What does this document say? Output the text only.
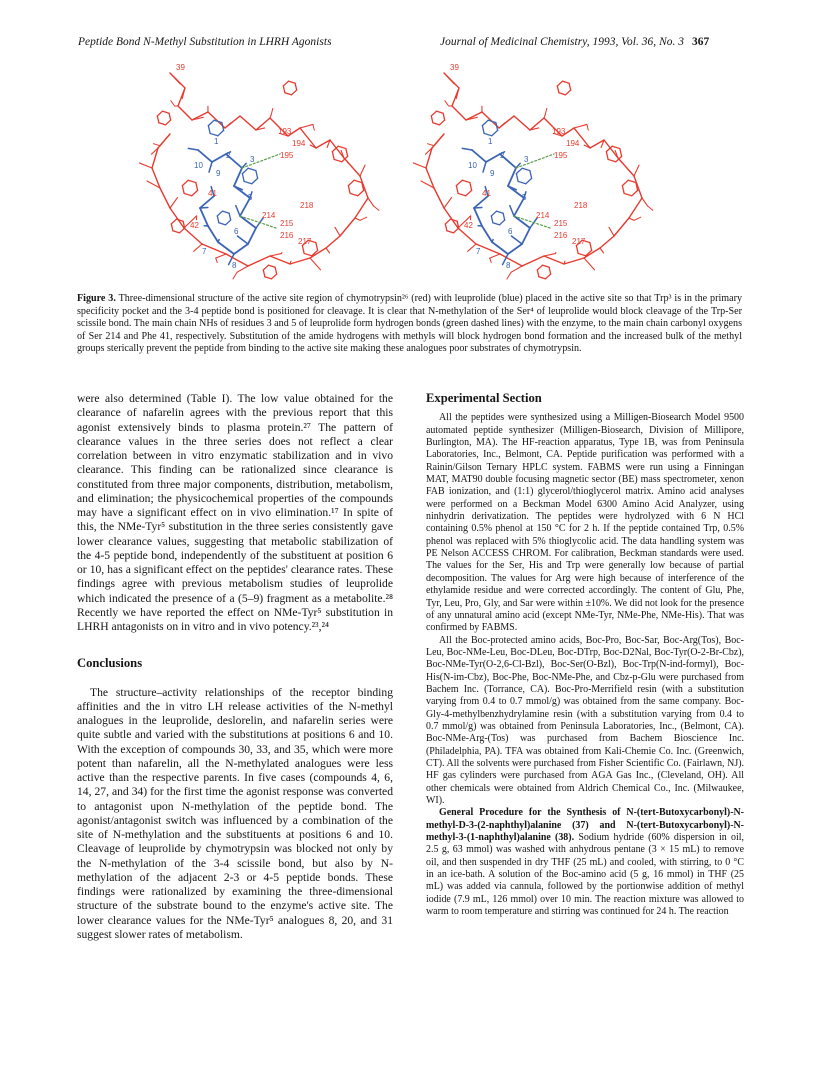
Peptide Bond N-Methyl Substitution in LHRH Agonists	Journal of Medicinal Chemistry, 1993, Vol. 36, No. 3 367
39
193
194
195
215
216
217
218
214
42
41
1
2 3
5
6
7
8
9
10
39
193
194
195
215
216
217
218
214
42
41
1
2 3
5
6
7
8
9
10
Figure 3. Three-dimensional structure of the active site region of chymotrypsin²⁶ (red) with leuprolide (blue) placed in the active site so that Trp³ is in the primary specificity pocket and the 3-4 peptide bond is positioned for cleavage. It is clear that N-methylation of the Ser⁴ of leuprolide would block cleavage of the Trp-Ser scissile bond. The main chain NHs of residues 3 and 5 of leuprolide form hydrogen bonds (green dashed lines) with the enzyme, to the main chain carbonyl oxygens of Ser 214 and Phe 41, respectively. Substitution of the amide hydrogens with methyls will block hydrogen bond formation and the increased bulk of the methyl groups sterically prevent the peptide from binding to the active site making these analogues poor substrates of chymotrypsin.

were also determined (Table I). The low value obtained for the clearance of nafarelin agrees with the previous report that this agonist extensively binds to plasma protein.²⁷ The pattern of clearance values in the three series does not reflect a clear correlation between in vitro enzymatic stabilization and in vivo clearance. This finding can be rationalized since clearance is constituted from three major components, distribution, metabolism, and elimination; the physicochemical properties of the compounds may have a significant effect on in vivo elimination.¹⁷ In spite of this, the NMe-Tyr⁵ substitution in the three series consistently gave lower clearance values, suggesting that metabolic stabilization of the 4-5 peptide bond, independently of the substituent at position 6 or 10, has a significant effect on the peptides' clearance rates. These findings agree with previous metabolism studies of leuprolide which indicated the presence of a (5–9) fragment as a metabolite.²⁸ Recently we have reported the effect on NMe-Tyr⁵ substitution in LHRH antagonists on in vitro and in vivo potency.²³,²⁴

Conclusions

The structure–activity relationships of the receptor binding affinities and the in vitro LH release activities of the N-methyl analogues in the leuprolide, deslorelin, and nafarelin series were quite subtle and varied with the substitutions at positions 6 and 10. With the exception of compounds 30, 33, and 35, which were more potent than nafarelin, all the N-methylated analogues were less active than the respective parents. In five cases (compounds 4, 6, 14, 27, and 34) for the first time the agonist response was converted to antagonist upon N-methylation of the peptide bond. The agonist/antagonist switch was influenced by a combination of the site of N-methylation and the substituents at positions 6 and 10. Cleavage of leuprolide by chymotrypsin was blocked not only by the N-methylation of the 3-4 scissile bond, but also by N-methylation of the adjacent 2-3 or 4-5 peptide bonds. These findings were rationalized by examining the three-dimensional structure of the substrate bound to the enzyme's active site. The lower clearance values for the NMe-Tyr⁵ analogues 8, 20, and 31 suggest slower rates of metabolism.

Experimental Section

All the peptides were synthesized using a Milligen-Biosearch Model 9500 automated peptide synthesizer (Milligen-Biosearch, Division of Millipore, Burlington, MA). The HF-reaction apparatus, Type 1B, was from Peninsula Laboratories, Inc., Belmont, CA. Peptide purification was performed with a Rainin/Gilson Ternary HPLC system. FABMS were run using a Finningan MAT, MAT90 double focusing magnetic sector (BE) mass spectrometer, xenon FAB ionization, and (1:1) glycerol/thioglycerol matrix. Amino acid analyses were performed on a Beckman Model 6300 Amino Acid Analyzer, using ninhydrin derivatization. The peptides were hydrolyzed with 6 N HCl containing 0.5% phenol at 150 °C for 2 h. If the peptide contained Trp, 0.5% phenol was replaced with 5% thioglycolic acid. The data handling system was PE Nelson ACCESS CHROM. For calibration, Beckman standards were used. The values for the Ser, His and Trp were generally low because of partial decomposition. The values for Arg were high because of interference of the ethylamide residue and were corrected accordingly. The content of Glu, Phe, Tyr, Leu, Pro, Gly, and Sar were within ±10%. We did not look for the presence of any unnatural amino acid (except NMe-Tyr, NMe-Phe, NMe-His). That was confirmed by FABMS.

All the Boc-protected amino acids, Boc-Pro, Boc-Sar, Boc-Arg(Tos), Boc-Leu, Boc-NMe-Leu, Boc-DLeu, Boc-DTrp, Boc-D2Nal, Boc-Tyr(O-2-Br-Cbz), Boc-NMe-Tyr(O-2,6-Cl-Bzl), Boc-Ser(O-Bzl), Boc-Trp(N-ind-formyl), Boc-His(N-im-Cbz), Boc-Phe, Boc-NMe-Phe, and Cbz-p-Glu were purchased from Bachem Inc. (Torrance, CA). Boc-Pro-Merrifield resin (with a substitution varying from 0.4 to 0.7 mmol/g) was obtained from the same company. Boc-Gly-4-methylbenzhydrylamine resin (with a substitution varying from 0.4 to 0.7 mmol/g) was obtained from Peninsula Laboratories, Inc., (Belmont, CA). Boc-NMe-Arg-(Tos) was purchased from Bachem Bioscience Inc. (Philadelphia, PA). TFA was obtained from Kali-Chemie Co. Inc. (Greenwich, CT). All the solvents were purchased from Fisher Scientific Co. (Fairlawn, NJ). HF gas cylinders were purchased from AGA Gas Inc., (Cleveland, OH). All other chemicals were obtained from Aldrich Chemical Co., Inc. (Milwaukee, WI).

General Procedure for the Synthesis of N-(tert-Butoxycarbonyl)-N-methyl-D-3-(2-naphthyl)alanine (37) and N-(tert-Butoxycarbonyl)-N-methyl-3-(1-naphthyl)alanine (38). Sodium hydride (60% dispersion in oil, 2.5 g, 63 mmol) was washed with anhydrous pentane (3 × 15 mL) to remove oil, and then suspended in dry THF (25 mL) and cooled, with stirring, to 0 °C in an ice-bath. A solution of the Boc-amino acid (5 g, 16 mmol) in THF (25 mL) was added via cannula, followed by the portionwise addition of methyl iodide (7.9 mL, 126 mmol) over 10 min. The reaction mixture was allowed to warm to room temperature and stirring was continued for 24 h. The reaction
